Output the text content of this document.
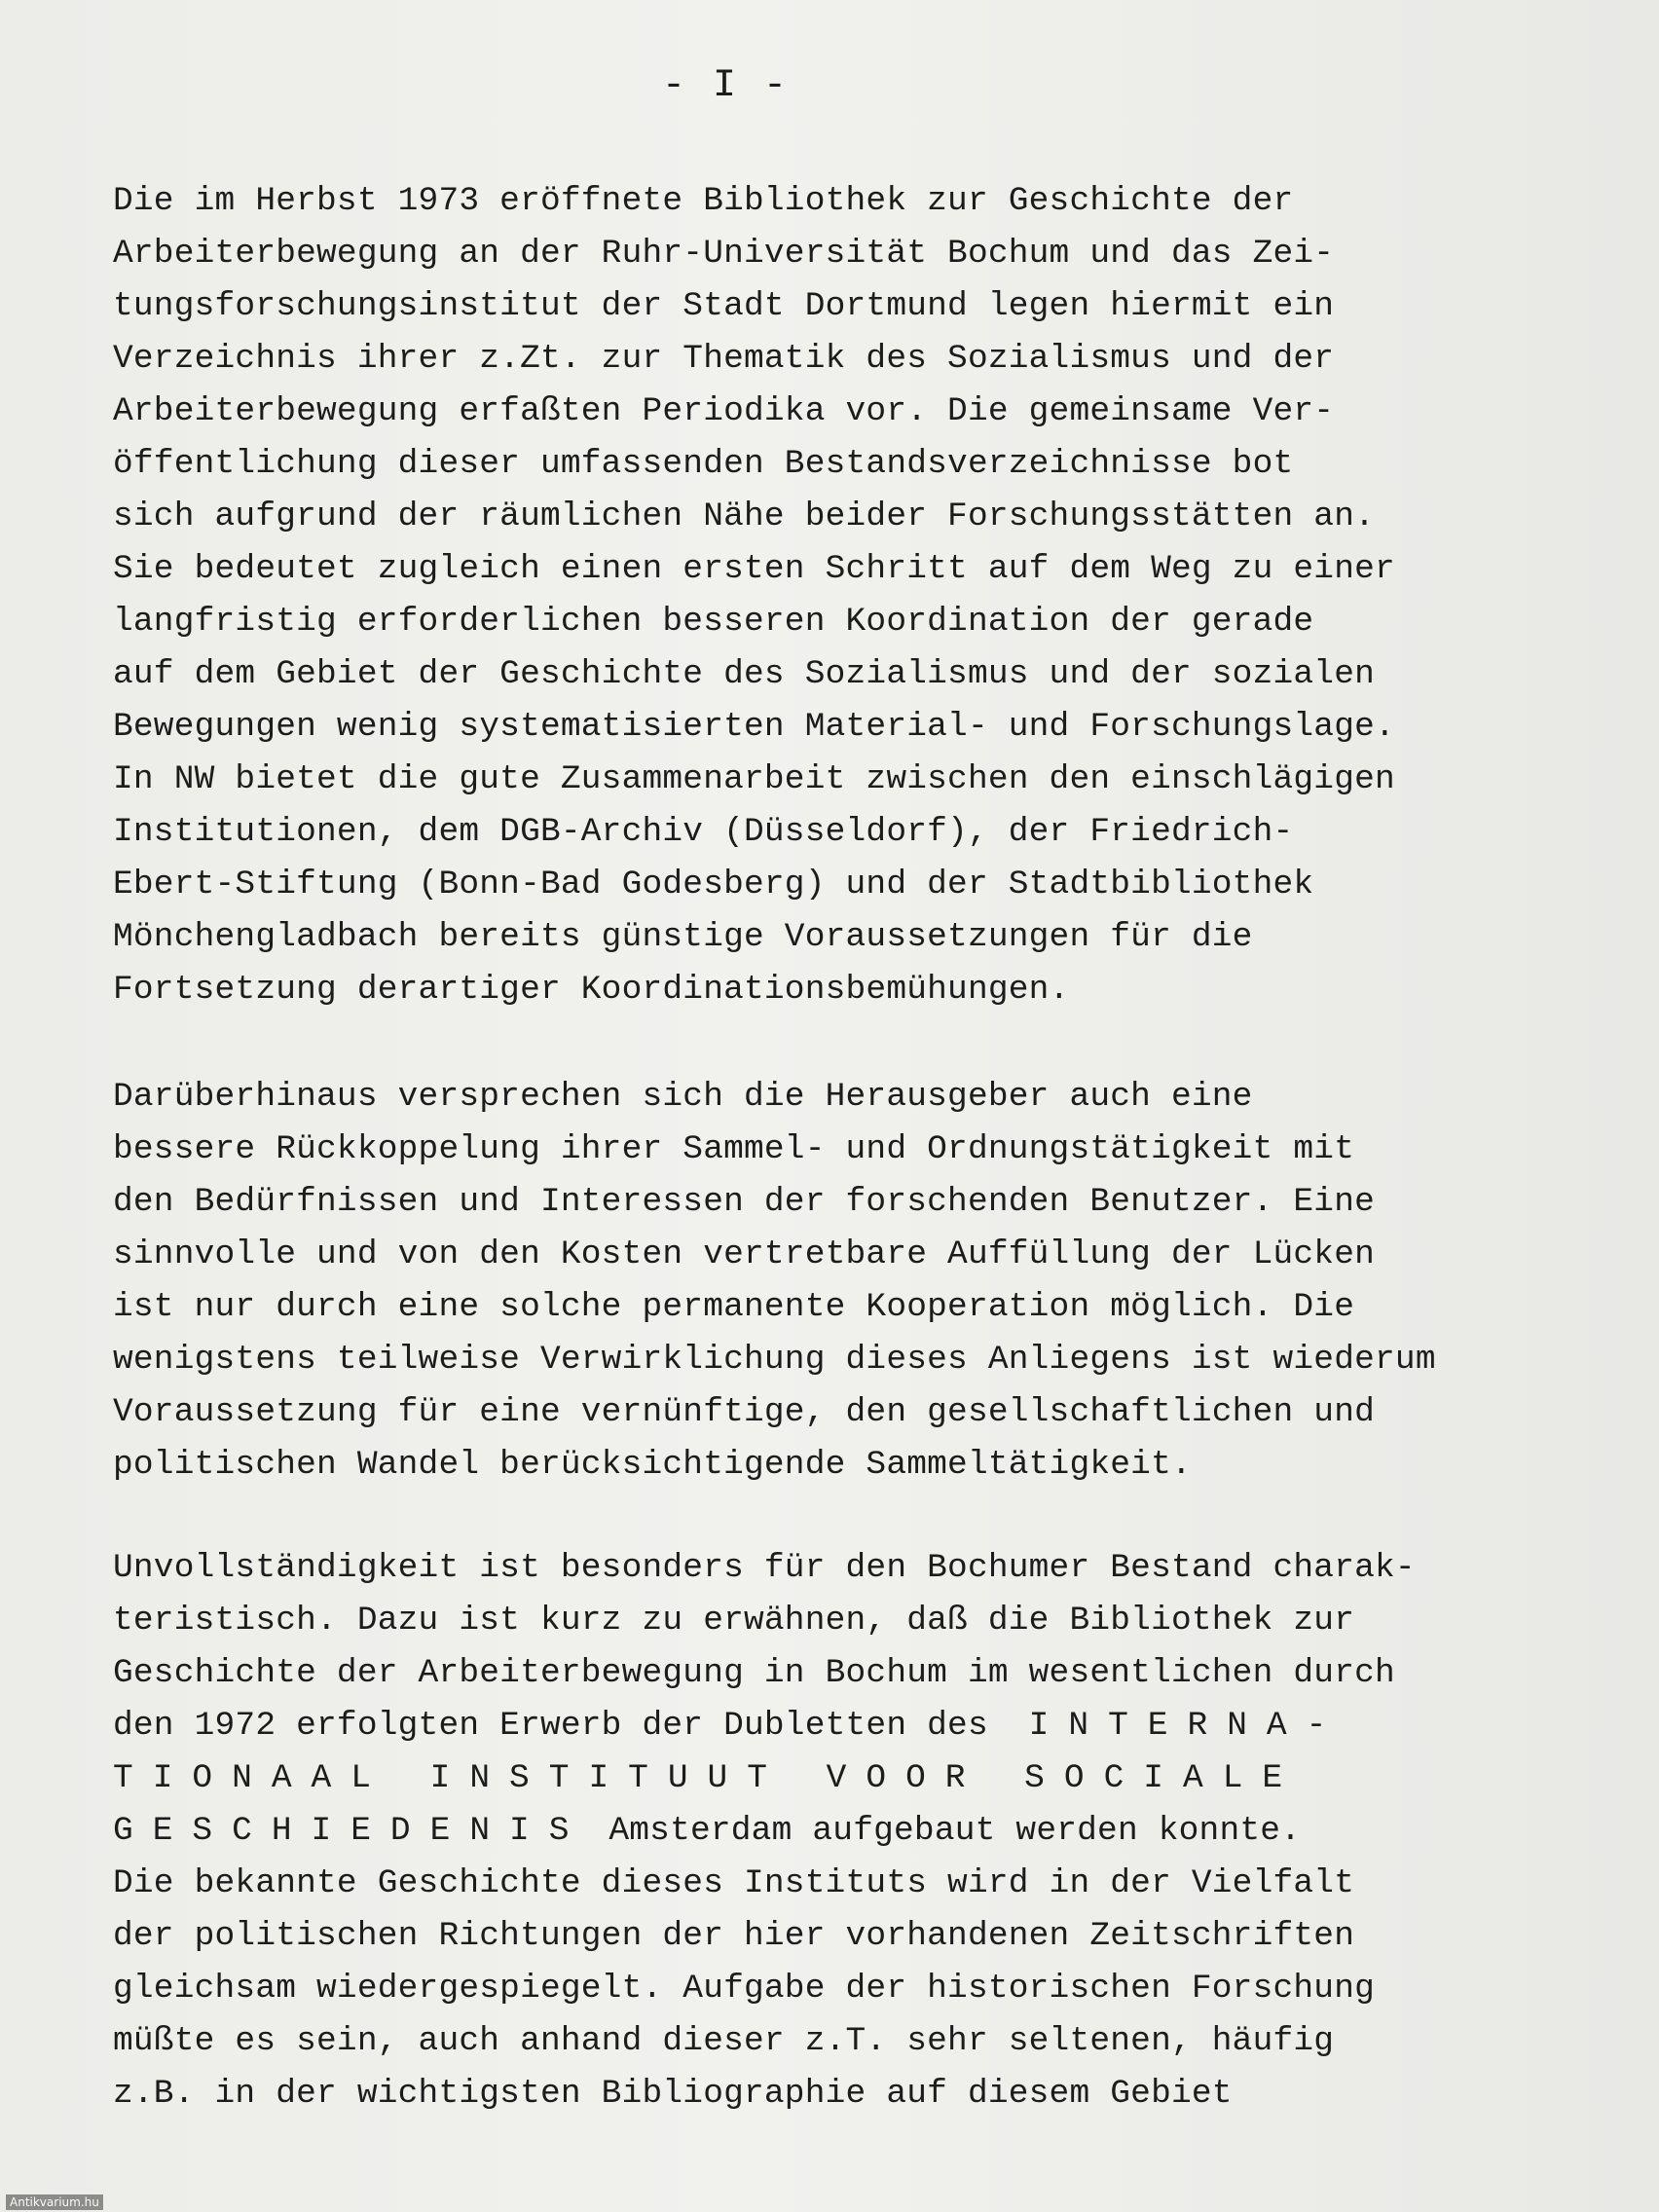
- I -
Die im Herbst 1973 eröffnete Bibliothek zur Geschichte der
Arbeiterbewegung an der Ruhr-Universität Bochum und das Zei-
tungsforschungsinstitut der Stadt Dortmund legen hiermit ein
Verzeichnis ihrer z.Zt. zur Thematik des Sozialismus und der
Arbeiterbewegung erfaßten Periodika vor. Die gemeinsame Ver-
öffentlichung dieser umfassenden Bestandsverzeichnisse bot
sich aufgrund der räumlichen Nähe beider Forschungsstätten an.
Sie bedeutet zugleich einen ersten Schritt auf dem Weg zu einer
langfristig erforderlichen besseren Koordination der gerade
auf dem Gebiet der Geschichte des Sozialismus und der sozialen
Bewegungen wenig systematisierten Material- und Forschungslage.
In NW bietet die gute Zusammenarbeit zwischen den einschlägigen
Institutionen, dem DGB-Archiv (Düsseldorf), der Friedrich-
Ebert-Stiftung (Bonn-Bad Godesberg) und der Stadtbibliothek
Mönchengladbach bereits günstige Voraussetzungen für die
Fortsetzung derartiger Koordinationsbemühungen.
Darüberhinaus versprechen sich die Herausgeber auch eine
bessere Rückkoppelung ihrer Sammel- und Ordnungstätigkeit mit
den Bedürfnissen und Interessen der forschenden Benutzer. Eine
sinnvolle und von den Kosten vertretbare Auffüllung der Lücken
ist nur durch eine solche permanente Kooperation möglich. Die
wenigstens teilweise Verwirklichung dieses Anliegens ist wiederum
Voraussetzung für eine vernünftige, den gesellschaftlichen und
politischen Wandel berücksichtigende Sammeltätigkeit.
Unvollständigkeit ist besonders für den Bochumer Bestand charak-
teristisch. Dazu ist kurz zu erwähnen, daß die Bibliothek zur
Geschichte der Arbeiterbewegung in Bochum im wesentlichen durch
den 1972 erfolgten Erwerb der Dubletten des INTERNA-
TIONAAL INSTITUUT VOOR SOCIALE
GESCHIEDENIS Amsterdam aufgebaut werden konnte.
Die bekannte Geschichte dieses Instituts wird in der Vielfalt
der politischen Richtungen der hier vorhandenen Zeitschriften
gleichsam wiedergespiegelt. Aufgabe der historischen Forschung
müßte es sein, auch anhand dieser z.T. sehr seltenen, häufig
z.B. in der wichtigsten Bibliographie auf diesem Gebiet
Antikvarium.hu
